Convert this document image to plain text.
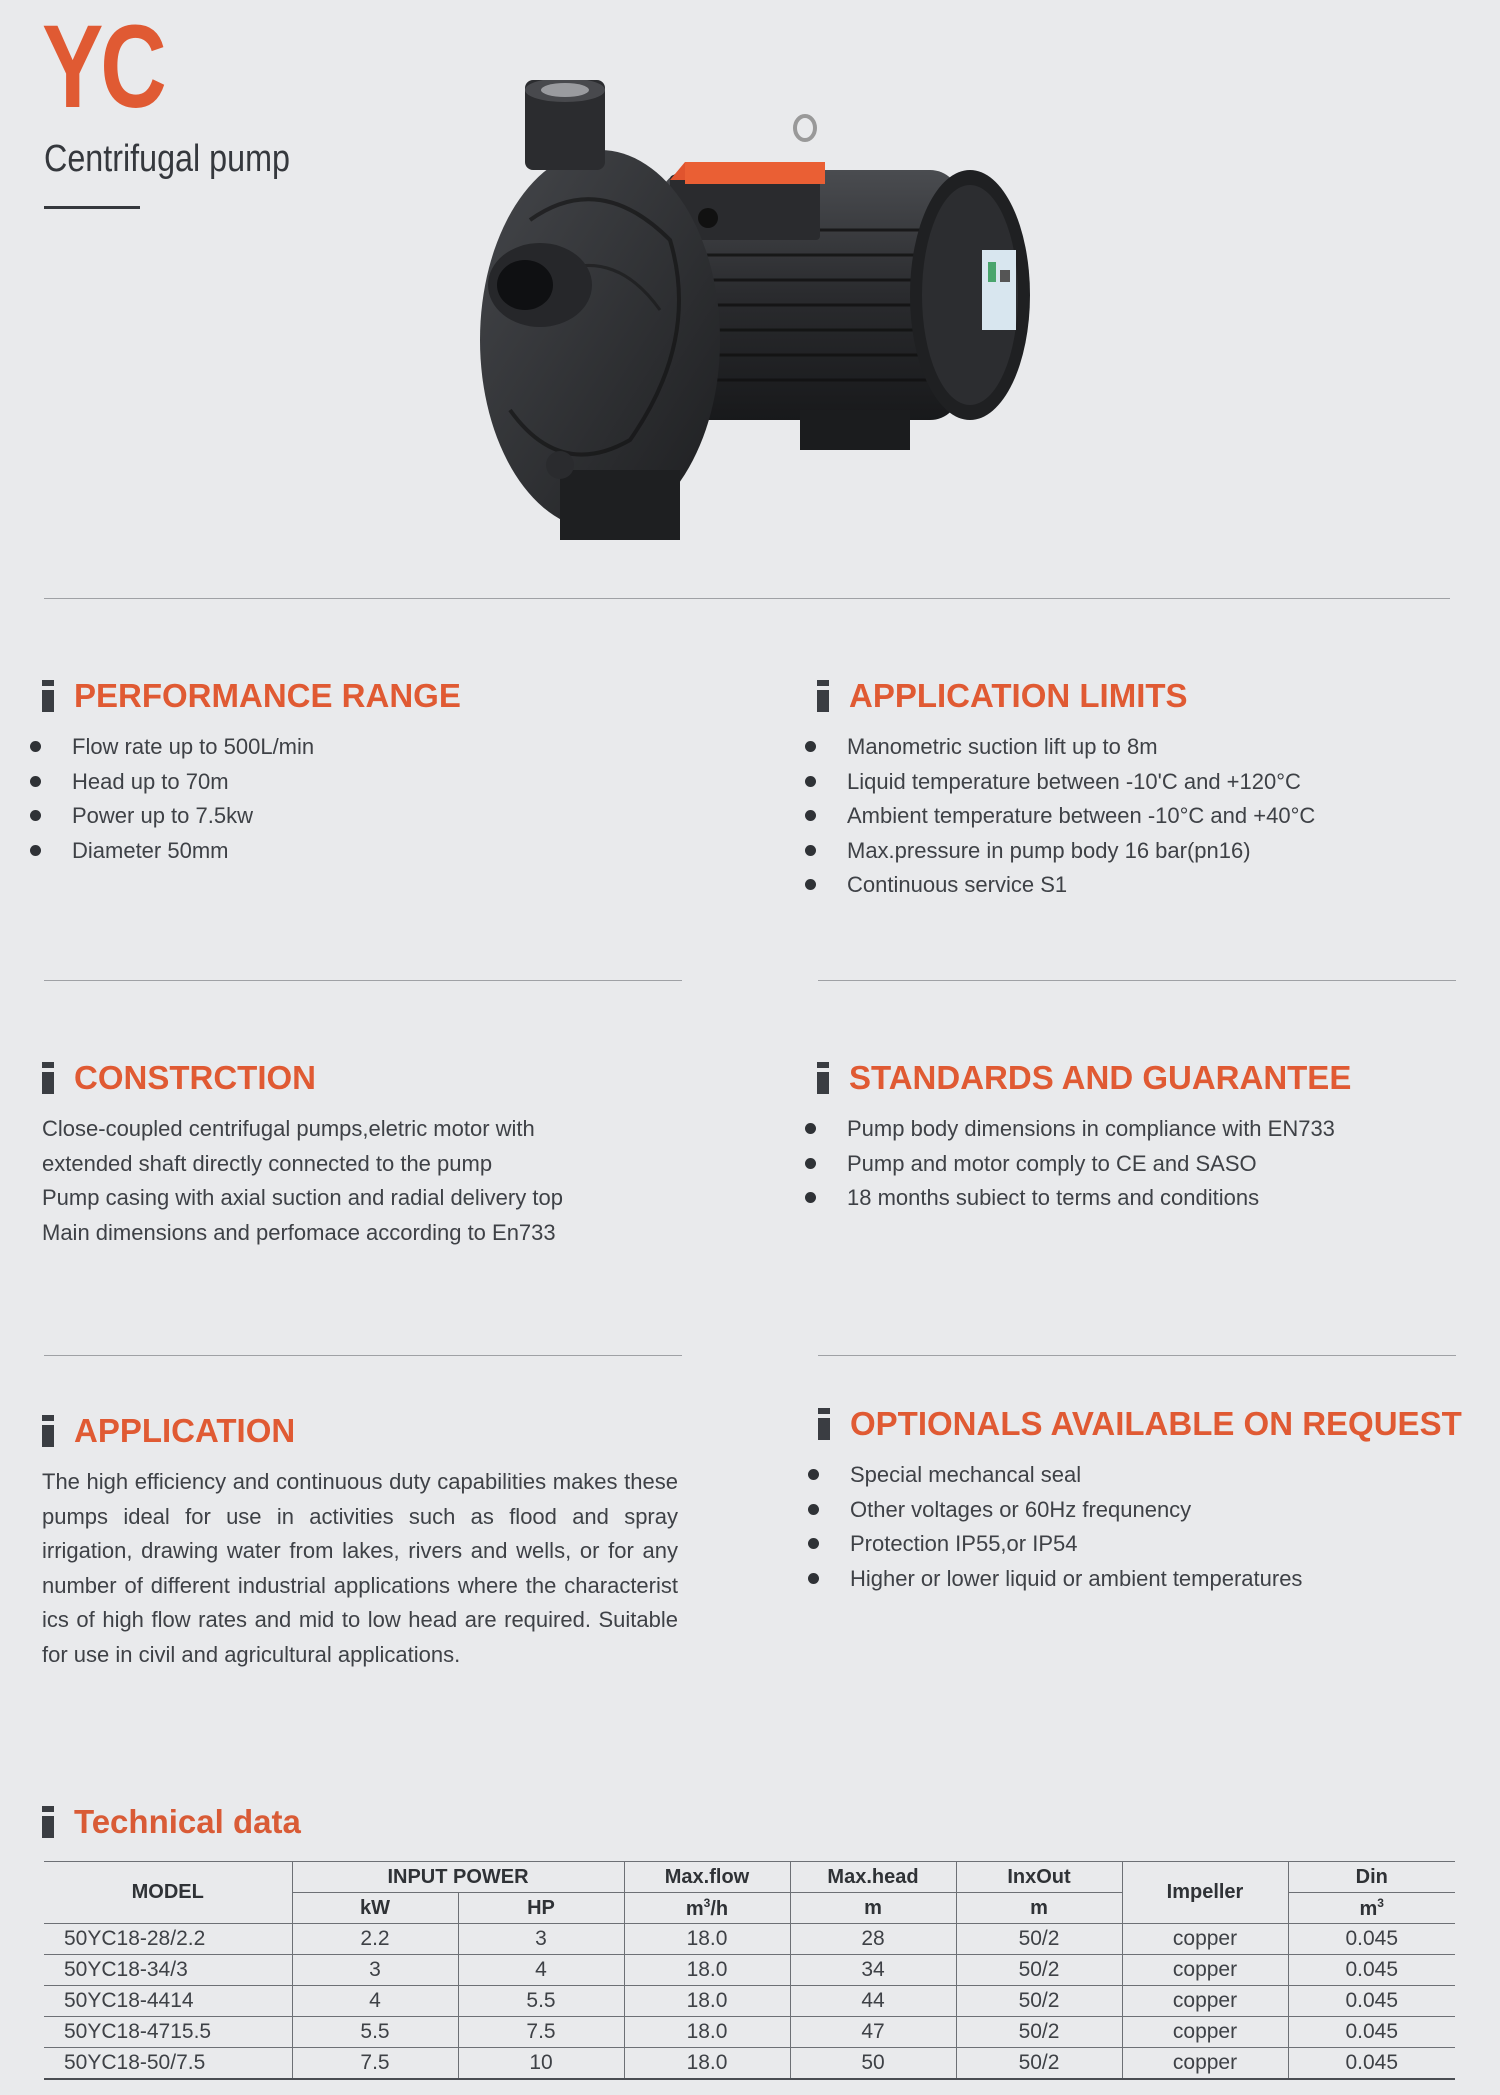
YC
Centrifugal pump
PERFORMANCE RANGE
Flow rate up to 500L/min
Head up to 70m
Power up to 7.5kw
Diameter 50mm
APPLICATION LIMITS
Manometric suction lift up to 8m
Liquid temperature between -10'C and +120°C
Ambient temperature between -10°C and +40°C
Max.pressure in pump body 16 bar(pn16)
Continuous service S1
CONSTRCTION
Close-coupled centrifugal pumps,eletric motor with
extended shaft directly connected to the pump
Pump casing with axial suction and radial delivery top
Main dimensions and perfomace according to En733
STANDARDS AND GUARANTEE
Pump body dimensions in compliance with EN733
Pump and motor comply to CE and SASO
18 months subiect to terms and conditions
APPLICATION
The high efficiency and continuous duty capabilities makes these pumps ideal for use in activities such as flood and spray irrigation, drawing water from lakes, rivers and wells, or for any number of different industrial applications where the characterist ics of high flow rates and mid to low head are required. Suitable for use in civil and agricultural applications.
OPTIONALS AVAILABLE ON REQUEST
Special mechancal seal
Other voltages or 60Hz frequnency
Protection IP55,or IP54
Higher or lower liquid or ambient temperatures
Technical data
MODEL	INPUT POWER		Max.flow	Max.head	InxOut	Impeller	Din
	kW	HP	$m^3/h$	m	m		$m^3$
50YC18-28/2.2	2.2	3	18.0	28	50/2	copper	0.045
50YC18-34/3	3	4	18.0	34	50/2	copper	0.045
50YC18-4414	4	5.5	18.0	44	50/2	copper	0.045
50YC18-4715.5	5.5	7.5	18.0	47	50/2	copper	0.045
50YC18-50/7.5	7.5	10	18.0	50	50/2	copper	0.045
